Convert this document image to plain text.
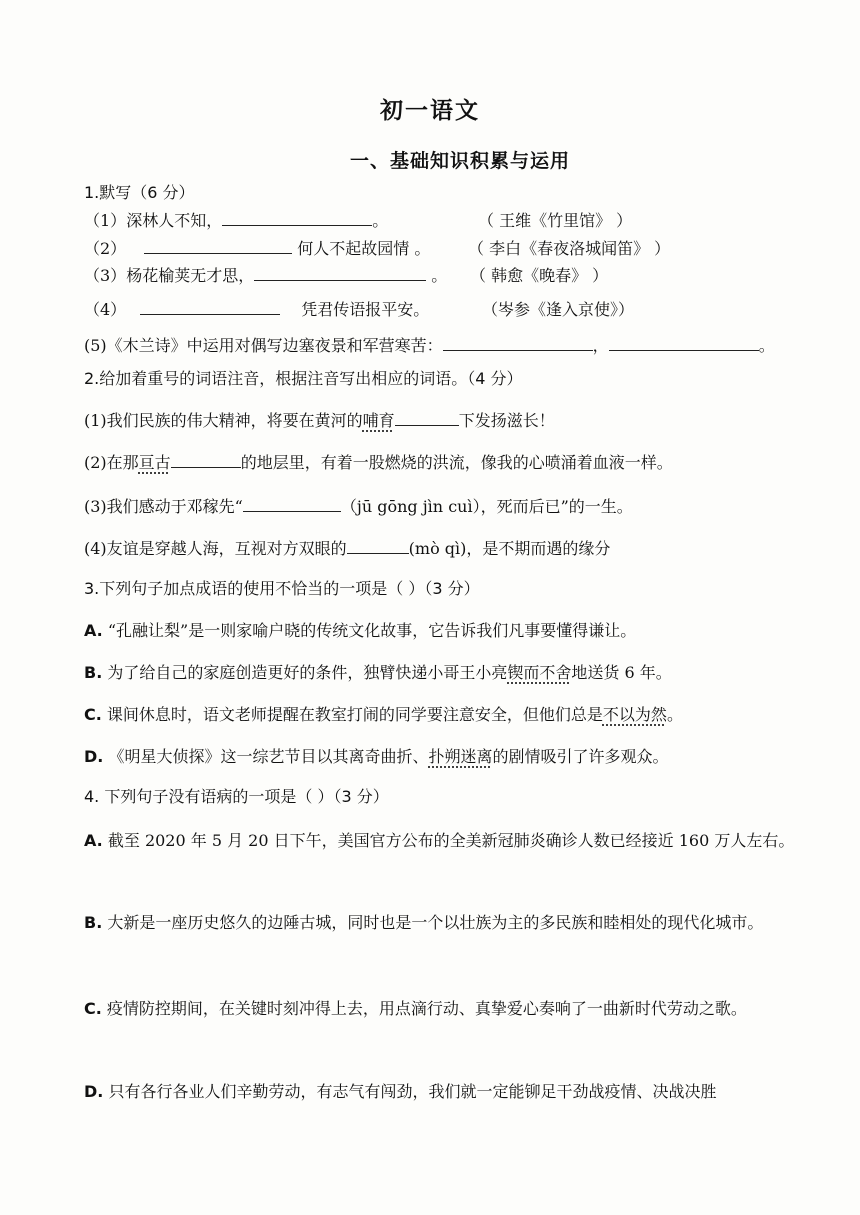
初一语文
一、基础知识积累与运用
1.默写（6 分）
（1）深林人不知，	。	（ 王维《竹里馆》 ）
（2）	何人不起故园情 。 （ 李白《春夜洛城闻笛》 ）
（3）杨花榆荚无才思，	。 （ 韩愈《晚春》 ）
（4）	凭君传语报平安。	（岑参《逢入京使》）
(5)《木兰诗》中运用对偶写边塞夜景和军营寒苦：	，	。
2.给加着重号的词语注音，根据注音写出相应的词语。（4 分）
(1)我们民族的伟大精神，将要在黄河的哺育	下发扬滋长！
(2)在那亘古	的地层里，有着一股燃烧的洪流，像我的心喷涌着血液一样。
(3)我们感动于邓稼先“	（jū gōng jìn cuì），死而后已”的一生。
(4)友谊是穿越人海，互视对方双眼的	(mò qì)，是不期而遇的缘分
3.下列句子加点成语的使用不恰当的一项是（ ）（3 分）
A. “孔融让梨”是一则家喻户晓的传统文化故事，它告诉我们凡事要懂得谦让。
B. 为了给自己的家庭创造更好的条件，独臂快递小哥王小亮锲而不舍地送货 6 年。
C. 课间休息时，语文老师提醒在教室打闹的同学要注意安全，但他们总是不以为然。
D. 《明星大侦探》这一综艺节目以其离奇曲折、扑朔迷离的剧情吸引了许多观众。
4. 下列句子没有语病的一项是（ ）（3 分）
A. 截至 2020 年 5 月 20 日下午，美国官方公布的全美新冠肺炎确诊人数已经接近 160 万人左右。
B. 大新是一座历史悠久的边陲古城，同时也是一个以壮族为主的多民族和睦相处的现代化城市。
C. 疫情防控期间，在关键时刻冲得上去，用点滴行动、真挚爱心奏响了一曲新时代劳动之歌。
D. 只有各行各业人们辛勤劳动，有志气有闯劲，我们就一定能铆足干劲战疫情、决战决胜
